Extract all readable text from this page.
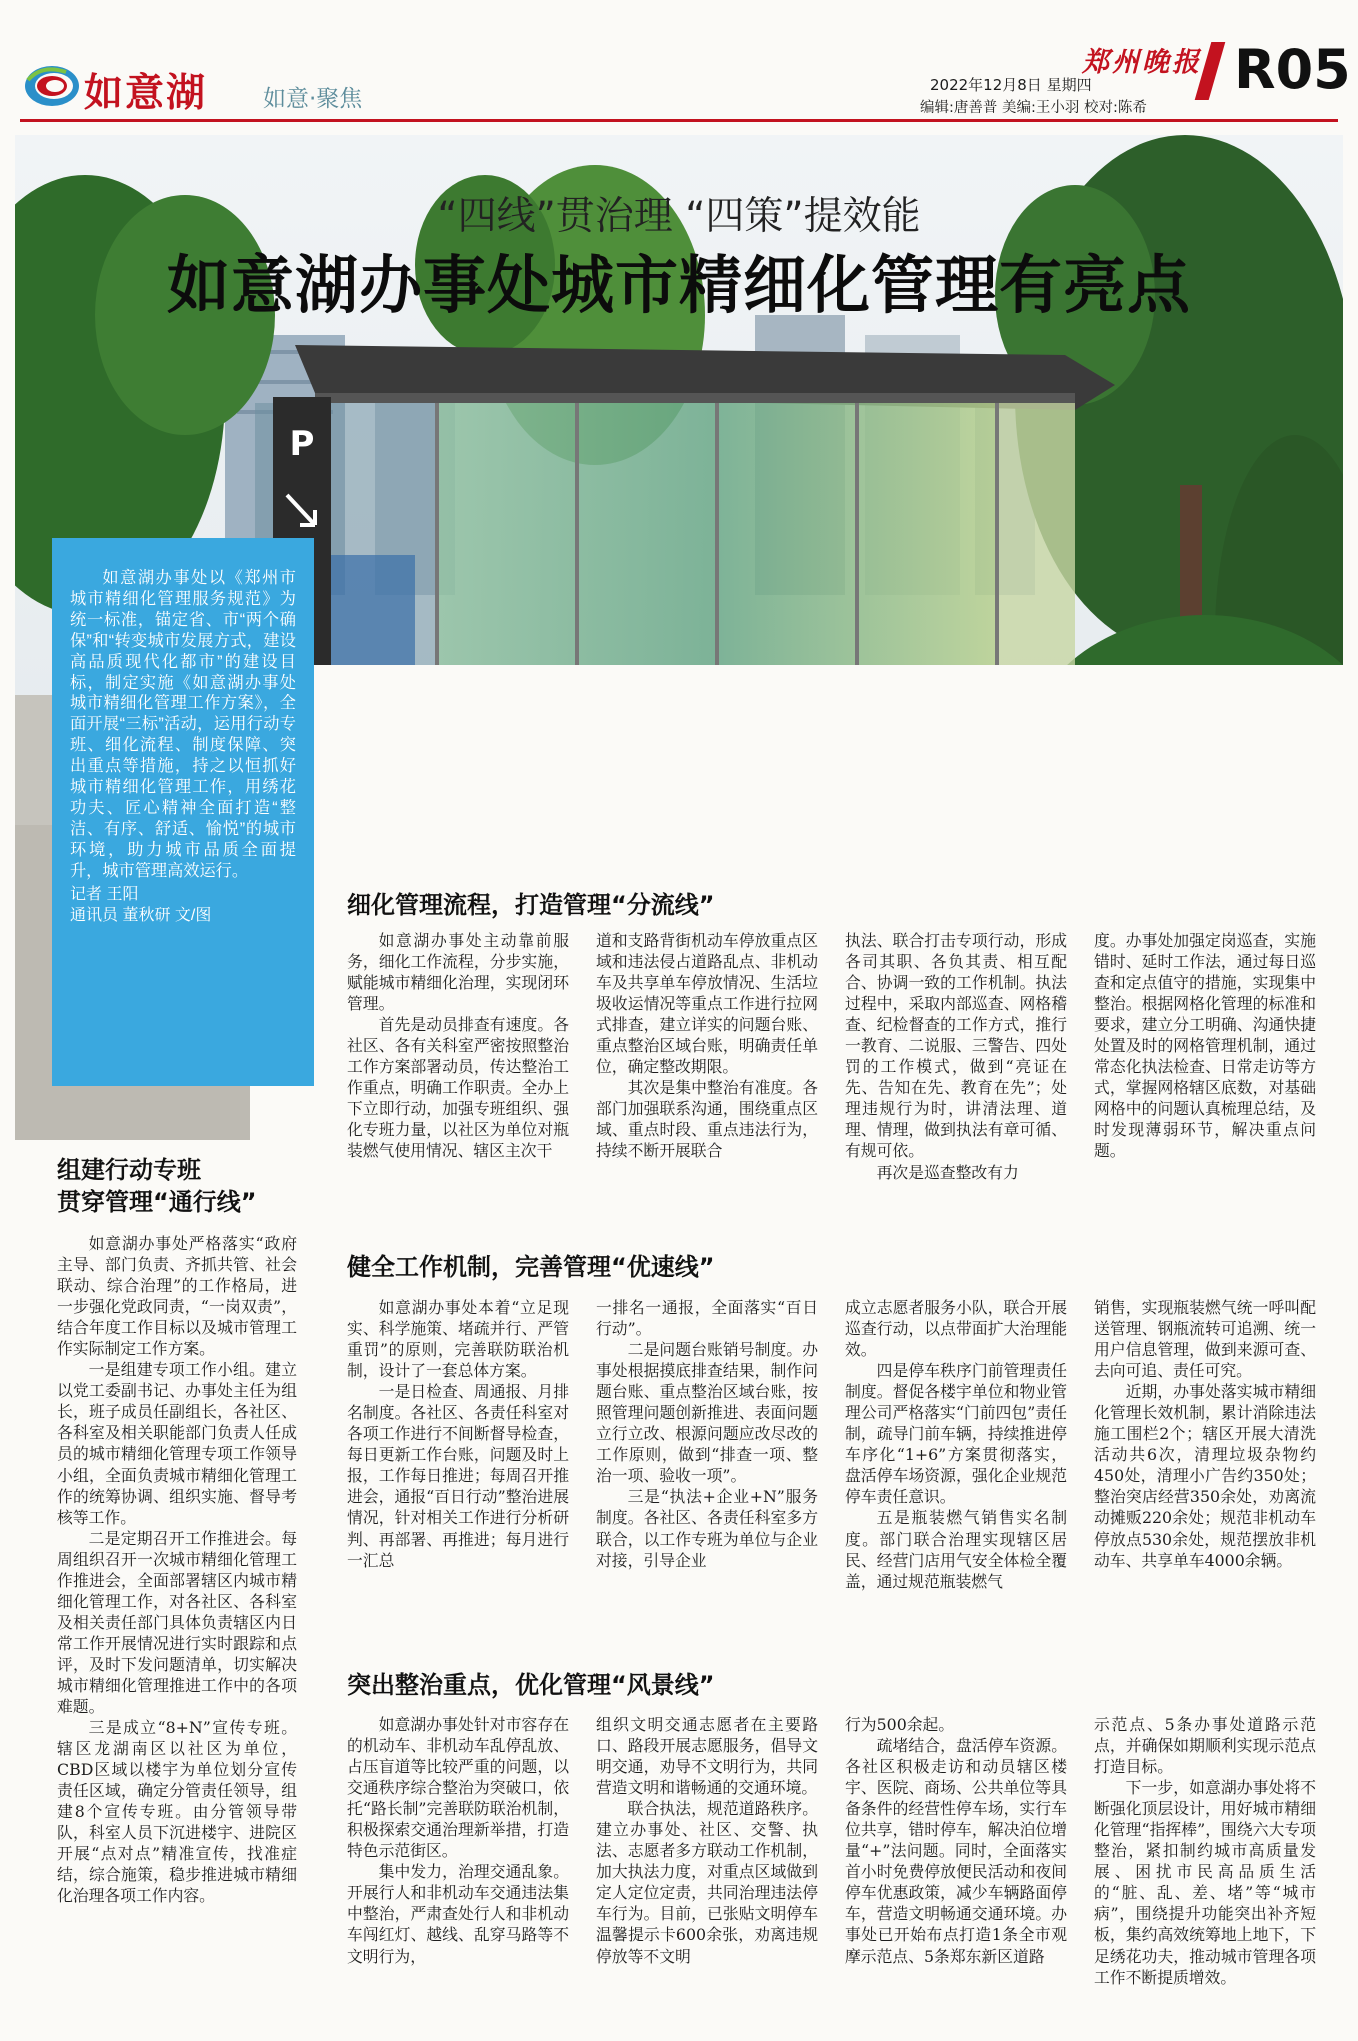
如意湖 如意·聚焦
郑州晚报
2022年12月8日 星期四
编辑:唐善普 美编:王小羽 校对:陈希
R05
P
“四线”贯治理 “四策”提效能
如意湖办事处城市精细化管理有亮点

如意湖办事处以《郑州市城市精细化管理服务规范》为统一标准，锚定省、市“两个确保”和“转变城市发展方式，建设高品质现代化都市”的建设目标，制定实施《如意湖办事处城市精细化管理工作方案》，全面开展“三标”活动，运用行动专班、细化流程、制度保障、突出重点等措施，持之以恒抓好城市精细化管理工作，用绣花功夫、匠心精神全面打造“整洁、有序、舒适、愉悦”的城市环境，助力城市品质全面提升，城市管理高效运行。

记者 王阳

通讯员 董秋研 文/图	细化管理流程，打造管理“分流线”

如意湖办事处主动靠前服务，细化工作流程，分步实施，赋能城市精细化治理，实现闭环管理。

首先是动员排查有速度。各社区、各有关科室严密按照整治工作方案部署动员，传达整治工作重点，明确工作职责。全办上下立即行动，加强专班组织、强化专班力量，以社区为单位对瓶装燃气使用情况、辖区主次干

道和支路背街机动车停放重点区域和违法侵占道路乱点、非机动车及共享单车停放情况、生活垃圾收运情况等重点工作进行拉网式排查，建立详实的问题台账、重点整治区域台账，明确责任单位，确定整改期限。

其次是集中整治有准度。各部门加强联系沟通，围绕重点区域、重点时段、重点违法行为，持续不断开展联合

执法、联合打击专项行动，形成各司其职、各负其责、相互配合、协调一致的工作机制。执法过程中，采取内部巡查、网格稽查、纪检督查的工作方式，推行一教育、二说服、三警告、四处罚的工作模式，做到“亮证在先、告知在先、教育在先”；处理违规行为时，讲清法理、道理、情理，做到执法有章可循、有规可依。

再次是巡查整改有力

度。办事处加强定岗巡查，实施错时、延时工作法，通过每日巡查和定点值守的措施，实现集中整治。根据网格化管理的标准和要求，建立分工明确、沟通快捷处置及时的网格管理机制，通过常态化执法检查、日常走访等方式，掌握网格辖区底数，对基础网格中的问题认真梳理总结，及时发现薄弱环节，解决重点问题。

组建行动专班
贯穿管理“通行线”

如意湖办事处严格落实“政府主导、部门负责、齐抓共管、社会联动、综合治理”的工作格局，进一步强化党政同责，“一岗双责”，结合年度工作目标以及城市管理工作实际制定工作方案。

一是组建专项工作小组。建立以党工委副书记、办事处主任为组长，班子成员任副组长，各社区、各科室及相关职能部门负责人任成员的城市精细化管理专项工作领导小组，全面负责城市精细化管理工作的统筹协调、组织实施、督导考核等工作。

二是定期召开工作推进会。每周组织召开一次城市精细化管理工作推进会，全面部署辖区内城市精细化管理工作，对各社区、各科室及相关责任部门具体负责辖区内日常工作开展情况进行实时跟踪和点评，及时下发问题清单，切实解决城市精细化管理推进工作中的各项难题。

三是成立“8+N”宣传专班。辖区龙湖南区以社区为单位，CBD区域以楼宇为单位划分宣传责任区域，确定分管责任领导，组建8个宣传专班。由分管领导带队，科室人员下沉进楼宇、进院区开展“点对点”精准宣传，找准症结，综合施策，稳步推进城市精细化治理各项工作内容。

健全工作机制，完善管理“优速线”

如意湖办事处本着“立足现实、科学施策、堵疏并行、严管重罚”的原则，完善联防联治机制，设计了一套总体方案。

一是日检查、周通报、月排名制度。各社区、各责任科室对各项工作进行不间断督导检查，每日更新工作台账，问题及时上报，工作每日推进；每周召开推进会，通报“百日行动”整治进展情况，针对相关工作进行分析研判、再部署、再推进；每月进行一汇总

一排名一通报，全面落实“百日行动”。

二是问题台账销号制度。办事处根据摸底排查结果，制作问题台账、重点整治区域台账，按照管理问题创新推进、表面问题立行立改、根源问题应改尽改的工作原则，做到“排查一项、整治一项、验收一项”。

三是“执法+企业+N”服务制度。各社区、各责任科室多方联合，以工作专班为单位与企业对接，引导企业

成立志愿者服务小队，联合开展巡查行动，以点带面扩大治理能效。

四是停车秩序门前管理责任制度。督促各楼宇单位和物业管理公司严格落实“门前四包”责任制，疏导门前车辆，持续推进停车序化“1+6”方案贯彻落实，盘活停车场资源，强化企业规范停车责任意识。

五是瓶装燃气销售实名制度。部门联合治理实现辖区居民、经营门店用气安全体检全覆盖，通过规范瓶装燃气

销售，实现瓶装燃气统一呼叫配送管理、钢瓶流转可追溯、统一用户信息管理，做到来源可查、去向可追、责任可究。

近期，办事处落实城市精细化管理长效机制，累计消除违法施工围栏2个；辖区开展大清洗活动共6次，清理垃圾杂物约450处，清理小广告约350处；整治突店经营350余处，劝离流动摊贩220余处；规范非机动车停放点530余处，规范摆放非机动车、共享单车4000余辆。

突出整治重点，优化管理“风景线”

如意湖办事处针对市容存在的机动车、非机动车乱停乱放、占压盲道等比较严重的问题，以交通秩序综合整治为突破口，依托“路长制”完善联防联治机制，积极探索交通治理新举措，打造特色示范街区。

集中发力，治理交通乱象。开展行人和非机动车交通违法集中整治，严肃查处行人和非机动车闯红灯、越线、乱穿马路等不文明行为，

组织文明交通志愿者在主要路口、路段开展志愿服务，倡导文明交通，劝导不文明行为，共同营造文明和谐畅通的交通环境。

联合执法，规范道路秩序。建立办事处、社区、交警、执法、志愿者多方联动工作机制，加大执法力度，对重点区域做到定人定位定责，共同治理违法停车行为。目前，已张贴文明停车温馨提示卡600余张，劝离违规停放等不文明

行为500余起。

疏堵结合，盘活停车资源。各社区积极走访和动员辖区楼宇、医院、商场、公共单位等具备条件的经营性停车场，实行车位共享，错时停车，解决泊位增量“+”法问题。同时，全面落实首小时免费停放便民活动和夜间停车优惠政策，减少车辆路面停车，营造文明畅通交通环境。办事处已开始布点打造1条全市观摩示范点、5条郑东新区道路

示范点、5条办事处道路示范点，并确保如期顺利实现示范点打造目标。

下一步，如意湖办事处将不断强化顶层设计，用好城市精细化管理“指挥棒”，围绕六大专项整治，紧扣制约城市高质量发展、困扰市民高品质生活的“脏、乱、差、堵”等“城市病”，围绕提升功能突出补齐短板，集约高效统筹地上地下，下足绣花功夫，推动城市管理各项工作不断提质增效。
